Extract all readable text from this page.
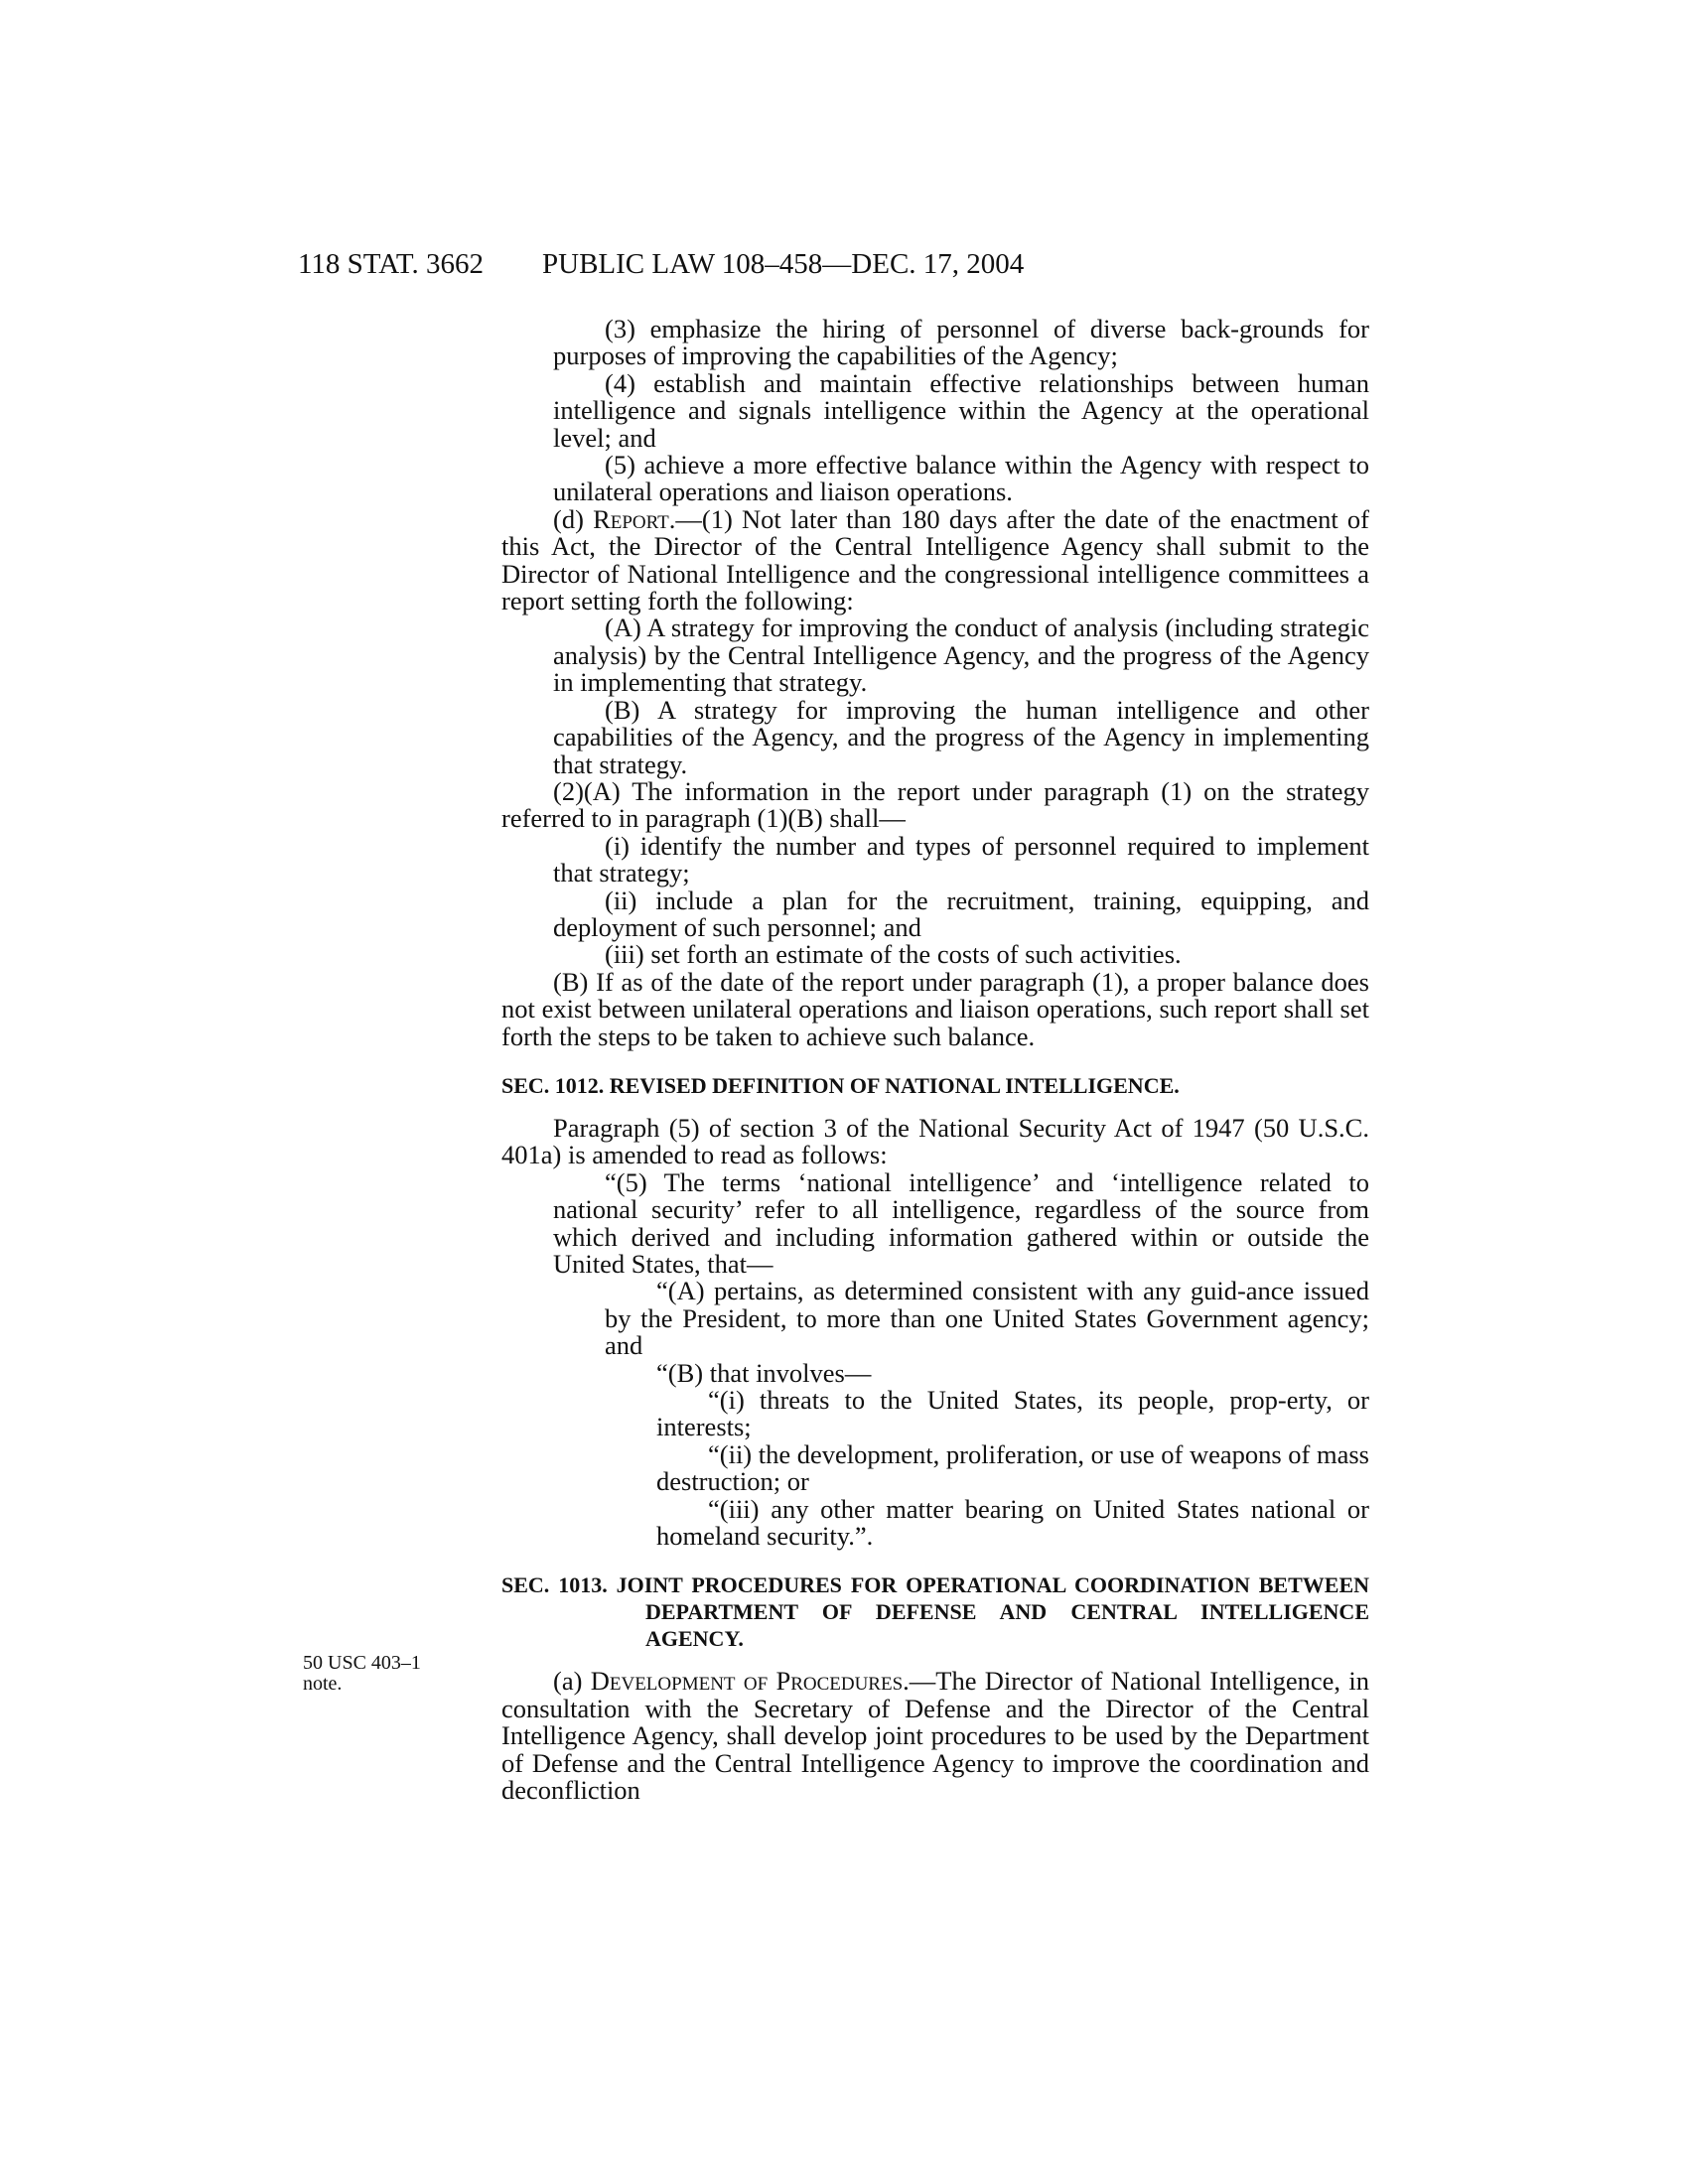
118 STAT. 3662 PUBLIC LAW 108–458—DEC. 17, 2004
50 USC 403–1 note.

(3) emphasize the hiring of personnel of diverse back-grounds for purposes of improving the capabilities of the Agency;

(4) establish and maintain effective relationships between human intelligence and signals intelligence within the Agency at the operational level; and

(5) achieve a more effective balance within the Agency with respect to unilateral operations and liaison operations.

(d) Report.—(1) Not later than 180 days after the date of the enactment of this Act, the Director of the Central Intelligence Agency shall submit to the Director of National Intelligence and the congressional intelligence committees a report setting forth the following:

(A) A strategy for improving the conduct of analysis (including strategic analysis) by the Central Intelligence Agency, and the progress of the Agency in implementing that strategy.

(B) A strategy for improving the human intelligence and other capabilities of the Agency, and the progress of the Agency in implementing that strategy.

(2)(A) The information in the report under paragraph (1) on the strategy referred to in paragraph (1)(B) shall—

(i) identify the number and types of personnel required to implement that strategy;

(ii) include a plan for the recruitment, training, equipping, and deployment of such personnel; and

(iii) set forth an estimate of the costs of such activities.

(B) If as of the date of the report under paragraph (1), a proper balance does not exist between unilateral operations and liaison operations, such report shall set forth the steps to be taken to achieve such balance.

SEC. 1012. REVISED DEFINITION OF NATIONAL INTELLIGENCE.

Paragraph (5) of section 3 of the National Security Act of 1947 (50 U.S.C. 401a) is amended to read as follows:

“(5) The terms ‘national intelligence’ and ‘intelligence related to national security’ refer to all intelligence, regardless of the source from which derived and including information gathered within or outside the United States, that—

“(A) pertains, as determined consistent with any guid-ance issued by the President, to more than one United States Government agency; and

“(B) that involves—

“(i) threats to the United States, its people, prop-erty, or interests;

“(ii) the development, proliferation, or use of weapons of mass destruction; or

“(iii) any other matter bearing on United States national or homeland security.”.

SEC. 1013. JOINT PROCEDURES FOR OPERATIONAL COORDINATION BETWEEN DEPARTMENT OF DEFENSE AND CENTRAL INTELLIGENCE AGENCY.

(a) Development of Procedures.—The Director of National Intelligence, in consultation with the Secretary of Defense and the Director of the Central Intelligence Agency, shall develop joint procedures to be used by the Department of Defense and the Central Intelligence Agency to improve the coordination and deconfliction
